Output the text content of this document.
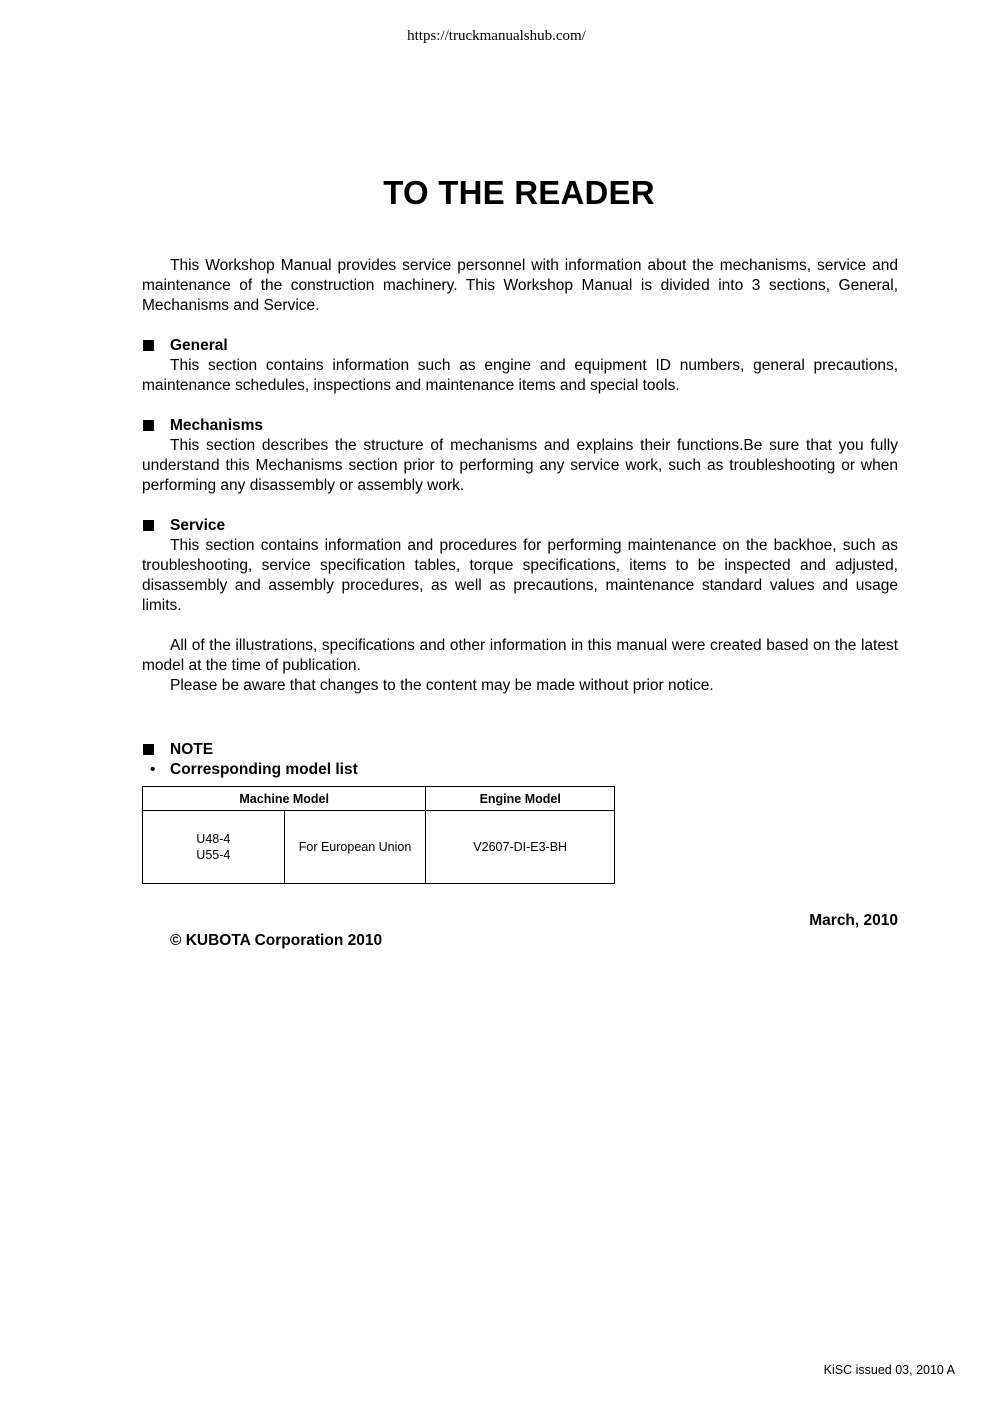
https://truckmanualshub.com/
TO THE READER

This Workshop Manual provides service personnel with information about the mechanisms, service and maintenance of the construction machinery. This Workshop Manual is divided into 3 sections, General, Mechanisms and Service.

General

This section contains information such as engine and equipment ID numbers, general precautions, maintenance schedules, inspections and maintenance items and special tools.

Mechanisms

This section describes the structure of mechanisms and explains their functions.Be sure that you fully understand this Mechanisms section prior to performing any service work, such as troubleshooting or when performing any disassembly or assembly work.

Service

This section contains information and procedures for performing maintenance on the backhoe, such as troubleshooting, service specification tables, torque specifications, items to be inspected and adjusted, disassembly and assembly procedures, as well as precautions, maintenance standard values and usage limits.

All of the illustrations, specifications and other information in this manual were created based on the latest model at the time of publication.

Please be aware that changes to the content may be made without prior notice.

NOTE
• Corresponding model list
Machine Model		Engine Model

U48-4
U55-4	For European Union	V2607-DI-E3-BH
March, 2010
© KUBOTA Corporation 2010
KiSC issued 03, 2010 A
